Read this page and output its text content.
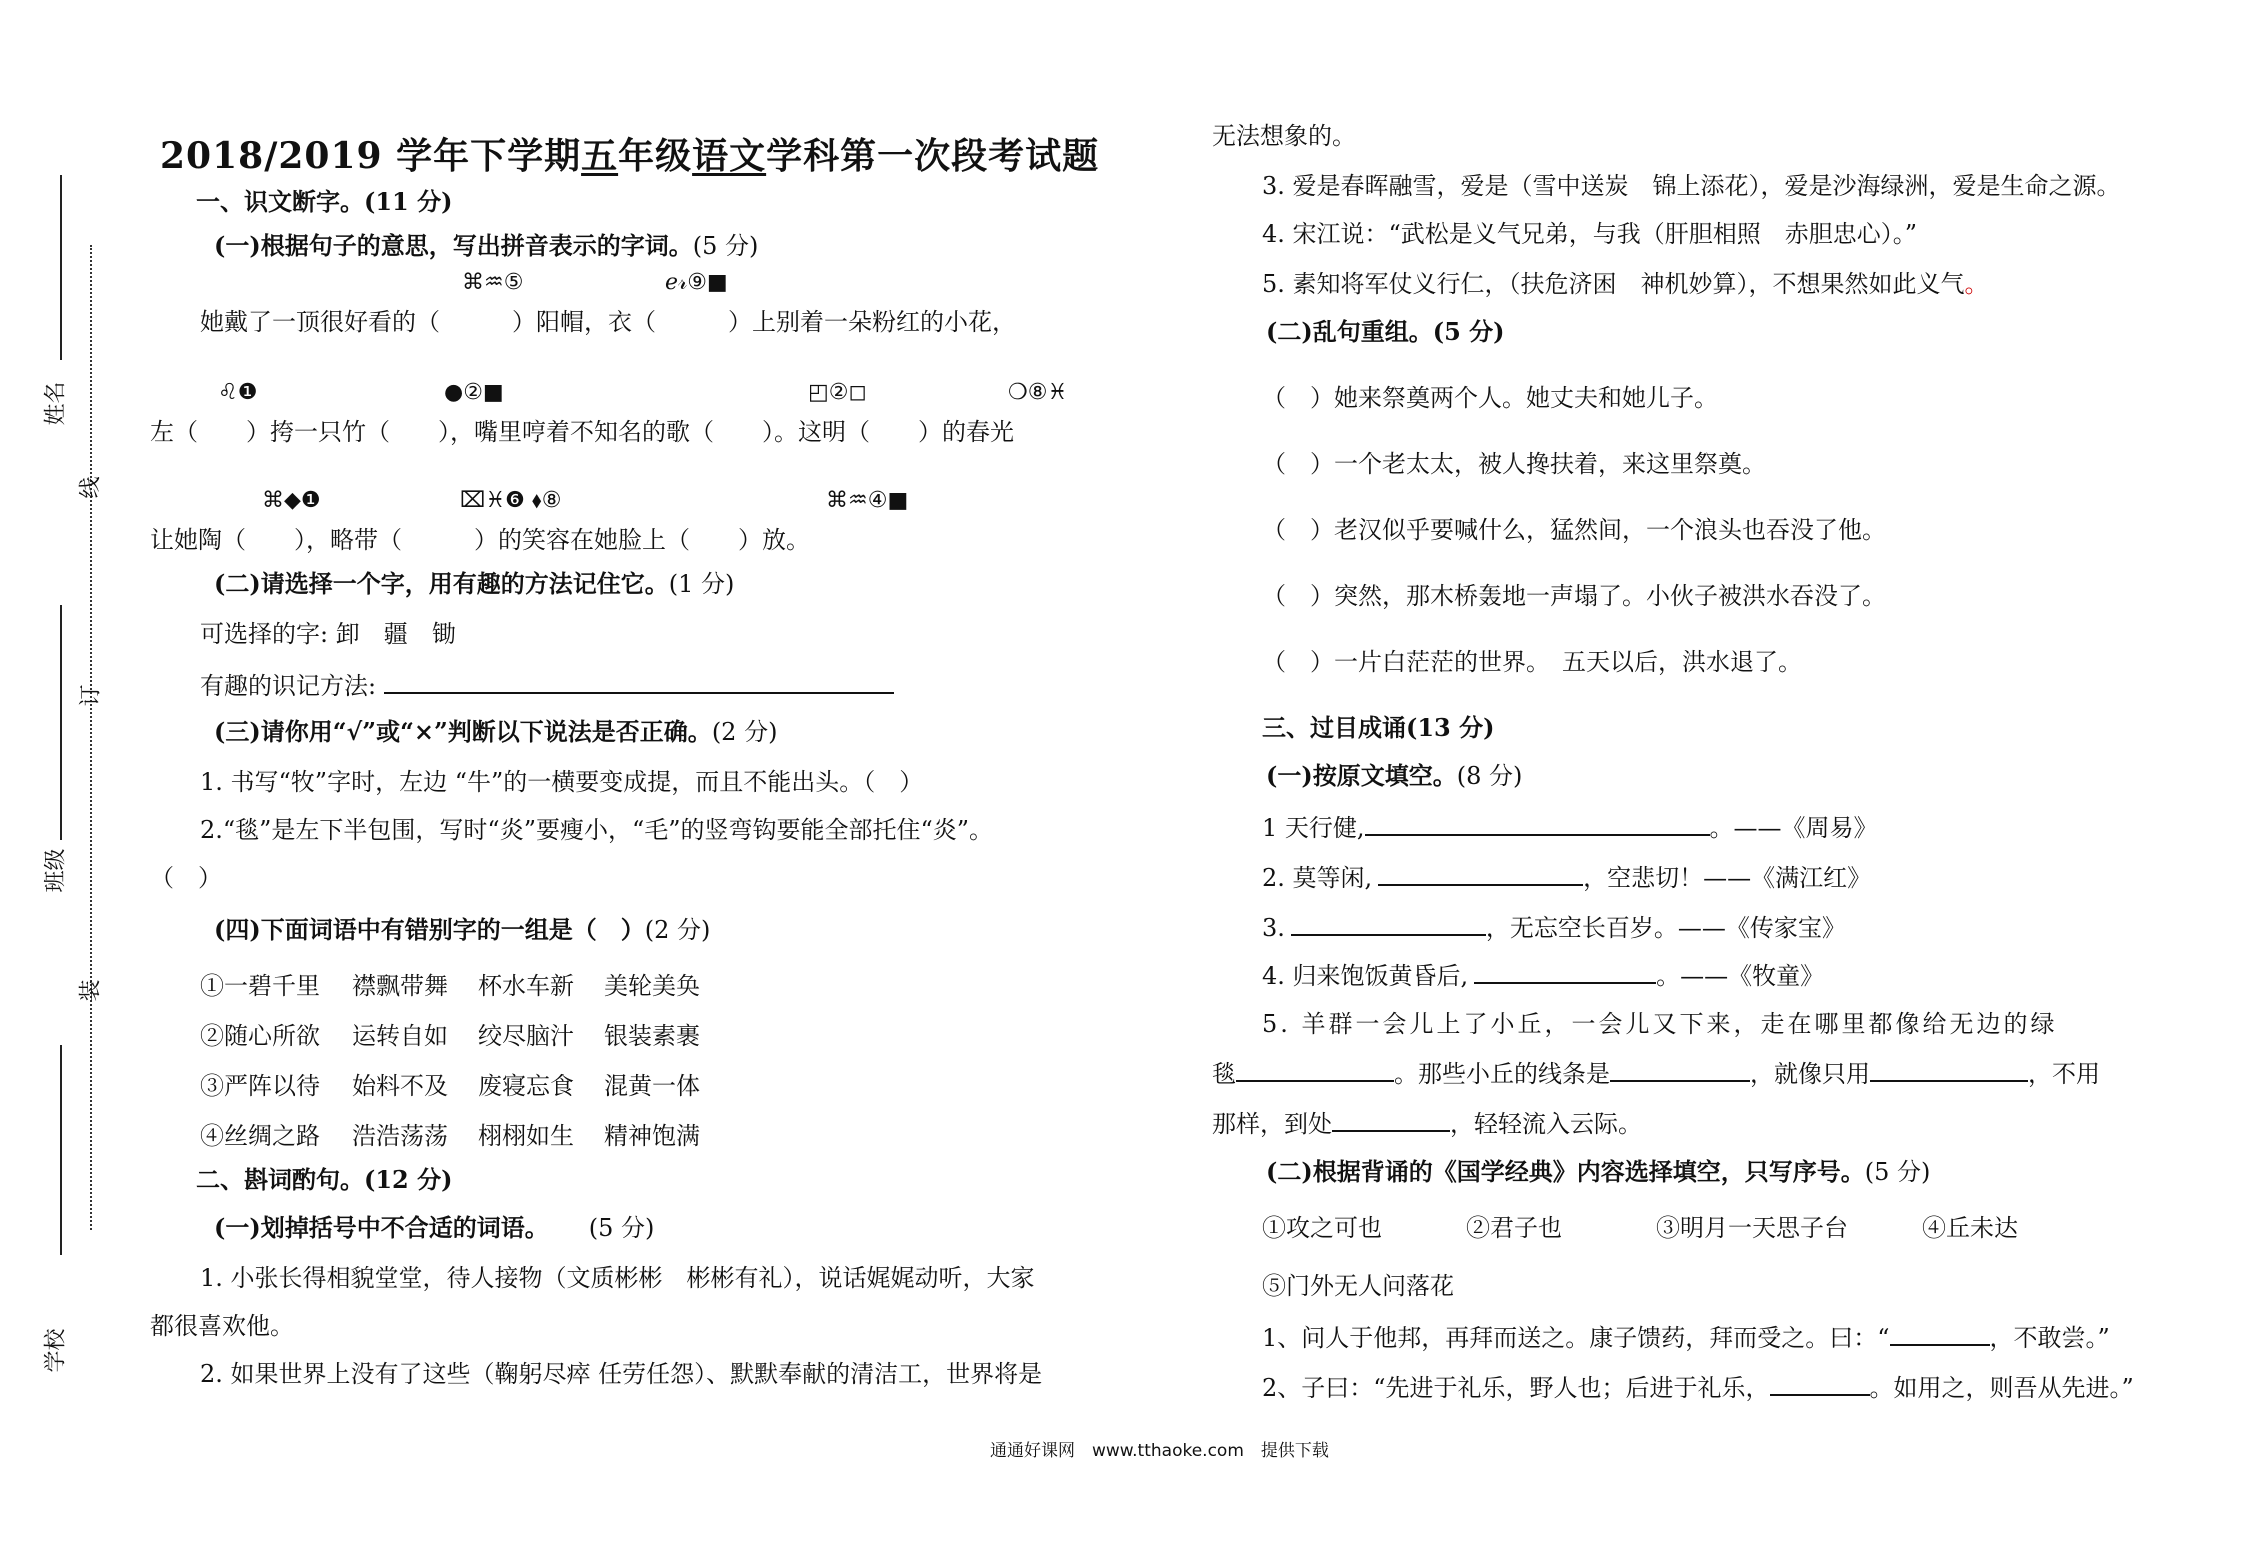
姓名
班级
学校
线
订
装
2018/2019 学年下学期五年级语文学科第一次段考试题
一、识文断字。(11 分)
(一)根据句子的意思，写出拼音表示的字词。(5 分)
⌘♒⑤	ℯ𝓇⑨■
她戴了一顶很好看的（　　　）阳帽，衣（　　　）上别着一朵粉红的小花，
♌❶	●②■	◰②◻	❍⑧♓
左（　　）挎一只竹（　　），嘴里哼着不知名的歌（　　）。这明（　　）的春光
⌘◆❶	⌧♓❻ ⬧⑧	⌘♒④■
让她陶（　　），略带（　　　）的笑容在她脸上（　　）放。
(二)请选择一个字，用有趣的方法记住它。(1 分)
可选择的字: 卸　疆　锄
有趣的识记方法:
(三)请你用“√”或“×”判断以下说法是否正确。(2 分)
1. 书写“牧”字时，左边 “牛”的一横要变成提，而且不能出头。（　）
2.“毯”是左下半包围，写时“炎”要瘦小，“毛”的竖弯钩要能全部托住“炎”。
（　）
(四)下面词语中有错别字的一组是（　）(2 分)
①一碧千里 襟飘带舞 杯水车新 美轮美奂
②随心所欲 运转自如 绞尽脑汁 银装素裹
③严阵以待 始料不及 废寝忘食 混黄一体
④丝绸之路 浩浩荡荡 栩栩如生 精神饱满
二、斟词酌句。(12 分)
(一)划掉括号中不合适的词语。 (5 分)
1. 小张长得相貌堂堂，待人接物（文质彬彬　彬彬有礼），说话娓娓动听，大家
都很喜欢他。
2. 如果世界上没有了这些（鞠躬尽瘁 任劳任怨）、默默奉献的清洁工，世界将是
无法想象的。
3. 爱是春晖融雪，爱是（雪中送炭　锦上添花），爱是沙海绿洲，爱是生命之源。
4. 宋江说：“武松是义气兄弟，与我（肝胆相照　赤胆忠心）。”
5. 素知将军仗义行仁，（扶危济困　神机妙算），不想果然如此义气。
(二)乱句重组。(5 分)
（　）她来祭奠两个人。她丈夫和她儿子。
（　）一个老太太，被人搀扶着，来这里祭奠。
（　）老汉似乎要喊什么，猛然间，一个浪头也吞没了他。
（　）突然，那木桥轰地一声塌了。小伙子被洪水吞没了。
（　）一片白茫茫的世界。　五天以后，洪水退了。
三、过目成诵(13 分)
(一)按原文填空。(8 分)
1 天行健,	。——《周易》
2. 莫等闲,	，空悲切！——《满江红》
3.	，无忘空长百岁。——《传家宝》
4. 归来饱饭黄昏后,	。——《牧童》
5. 羊群一会儿上了小丘，一会儿又下来，走在哪里都像给无边的绿
毯	。那些小丘的线条是	，就像只用	，不用
那样，到处	，轻轻流入云际。
(二)根据背诵的《国学经典》内容选择填空，只写序号。(5 分)
①攻之可也	②君子也	③明月一天思子台	④丘未达
⑤门外无人问落花
1、问人于他邦，再拜而送之。康子馈药，拜而受之。曰：“	，不敢尝。”
2、子曰：“先进于礼乐，野人也；后进于礼乐，	。如用之，则吾从先进。”
通通好课网　www.tthaoke.com　提供下载
